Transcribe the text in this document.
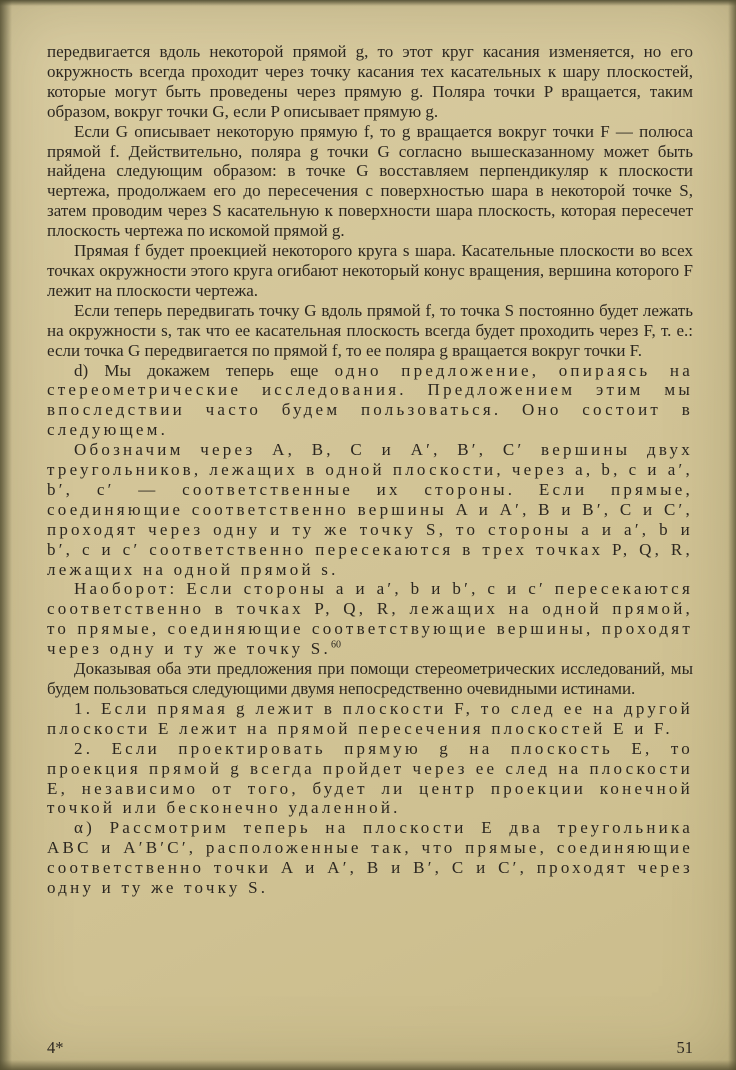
передвигается вдоль некоторой прямой g, то этот круг касания изменяется, но его окружность всегда проходит через точку касания тех касательных к шару плоскостей, которые могут быть проведены через прямую g. Поляра точки P вращается, таким образом, вокруг точки G, если P описывает прямую g.

Если G описывает некоторую прямую f, то g вращается вокруг точки F — полюса прямой f. Действительно, поляра g точки G согласно вышесказанному может быть найдена следующим образом: в точке G восставляем перпендикуляр к плоскости чертежа, продолжаем его до пересечения с поверхностью шара в некоторой точке S, затем проводим через S касательную к поверхности шара плоскость, которая пересечет плоскость чертежа по искомой прямой g.

Прямая f будет проекцией некоторого круга s шара. Касательные плоскости во всех точках окружности этого круга огибают некоторый конус вращения, вершина которого F лежит на плоскости чертежа.

Если теперь передвигать точку G вдоль прямой f, то точка S постоянно будет лежать на окружности s, так что ее касательная плоскость всегда будет проходить через F, т. е.: если точка G передвигается по прямой f, то ее поляра g вращается вокруг точки F.

d) Мы докажем теперь еще одно предложение, опираясь на стереометрические исследования. Предложением этим мы впоследствии часто будем пользоваться. Оно состоит в следующем.

Обозначим через A, B, C и A′, B′, C′ вершины двух треугольников, лежащих в одной плоскости, через a, b, c и a′, b′, c′ — соответственные их стороны. Если прямые, соединяющие соответственно вершины A и A′, B и B′, C и C′, проходят через одну и ту же точку S, то стороны a и a′, b и b′, c и c′ соответственно пересекаются в трех точках P, Q, R, лежащих на одной прямой s.

Наоборот: Если стороны a и a′, b и b′, c и c′ пересекаются соответственно в точках P, Q, R, лежащих на одной прямой, то прямые, соединяющие соответствующие вершины, проходят через одну и ту же точку S.$^{60}$

Доказывая оба эти предложения при помощи стереометрических исследований, мы будем пользоваться следующими двумя непосредственно очевидными истинами.

1. Если прямая g лежит в плоскости F, то след ее на другой плоскости E лежит на прямой пересечения плоскостей E и F.

2. Если проектировать прямую g на плоскость E, то проекция прямой g всегда пройдет через ее след на плоскости E, независимо от того, будет ли центр проекции конечной точкой или бесконечно удаленной.

α) Рассмотрим теперь на плоскости E два треугольника ABC и A′B′C′, расположенные так, что прямые, соединяющие соответственно точки A и A′, B и B′, C и C′, проходят через одну и ту же точку S.

4*	51
